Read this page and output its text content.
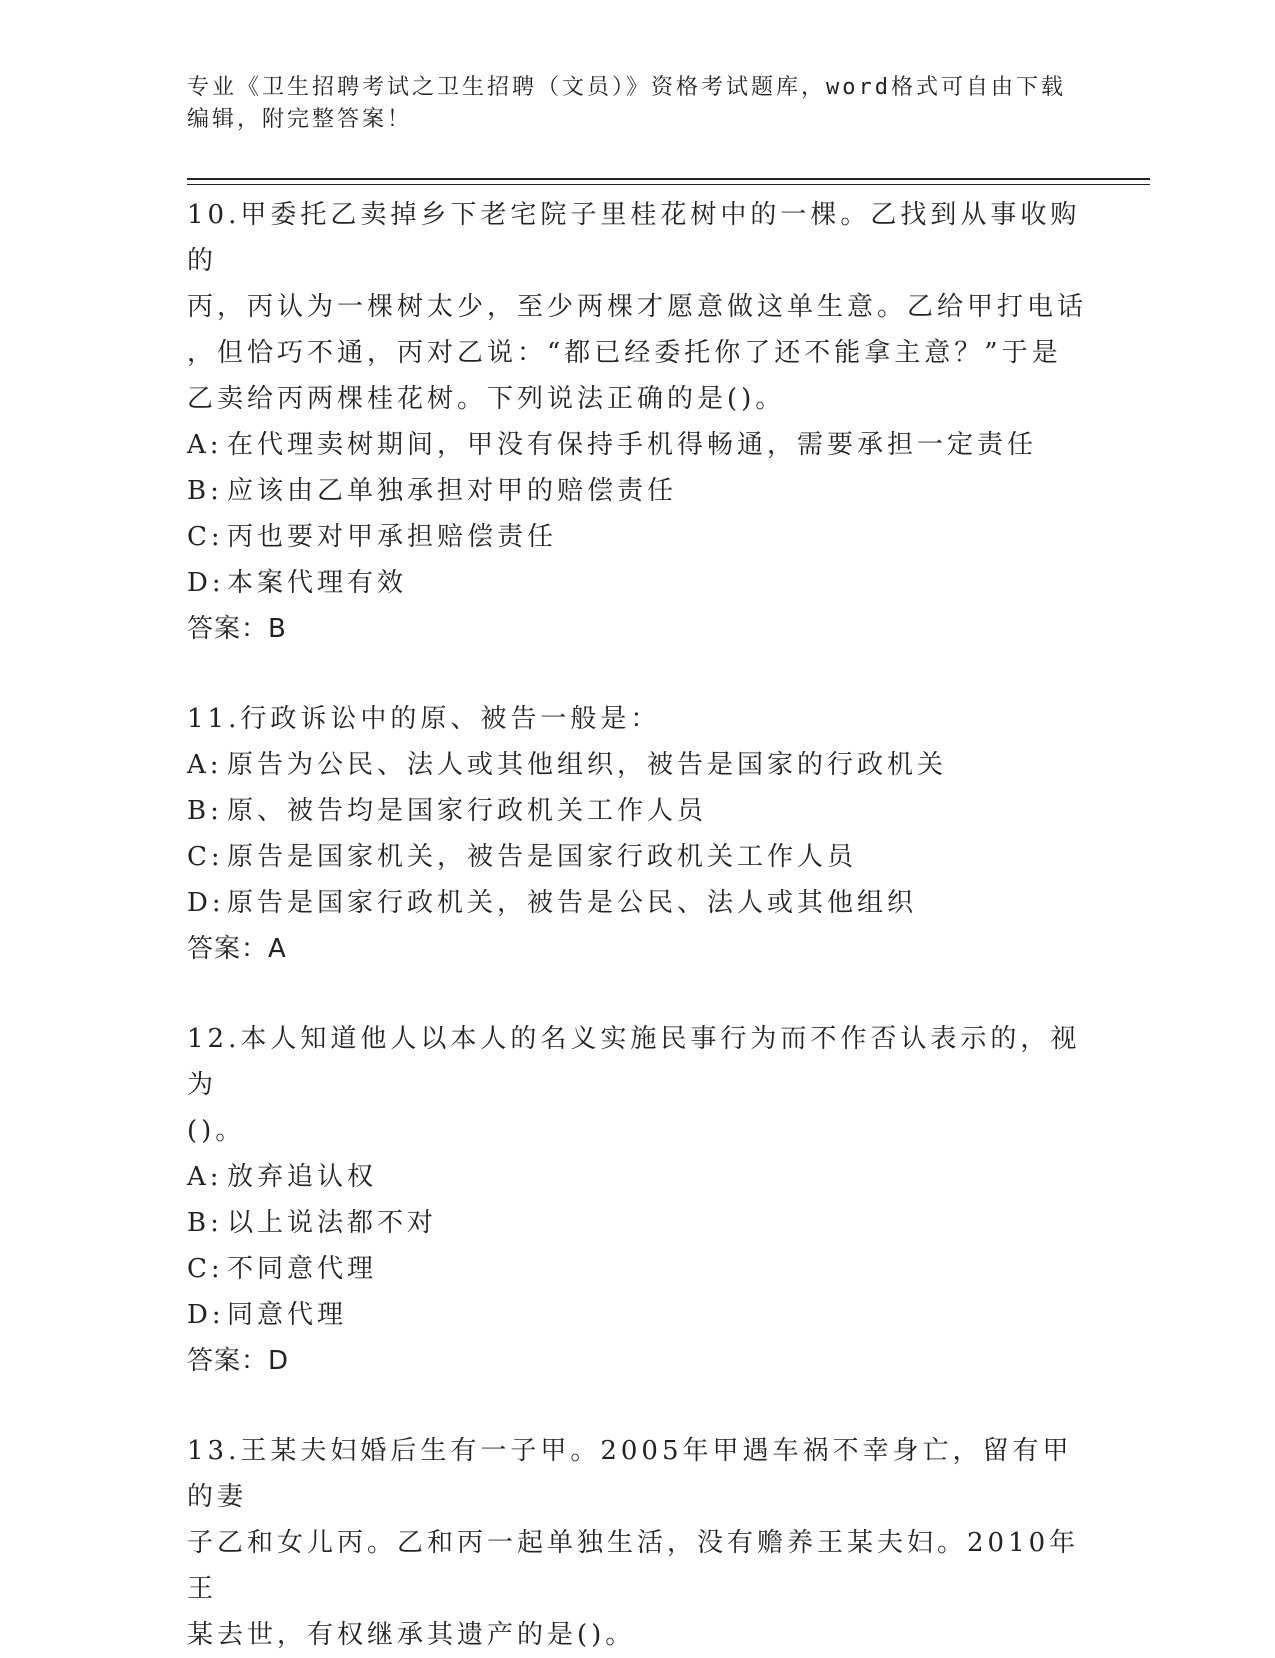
专业《卫生招聘考试之卫生招聘（文员）》资格考试题库，word格式可自由下载
编辑，附完整答案！

10.甲委托乙卖掉乡下老宅院子里桂花树中的一棵。乙找到从事收购的

丙，丙认为一棵树太少，至少两棵才愿意做这单生意。乙给甲打电话

，但恰巧不通，丙对乙说：“都已经委托你了还不能拿主意？”于是

乙卖给丙两棵桂花树。下列说法正确的是()。

A: 在代理卖树期间，甲没有保持手机得畅通，需要承担一定责任

B: 应该由乙单独承担对甲的赔偿责任

C: 丙也要对甲承担赔偿责任

D:本案代理有效

答案：B

11.行政诉讼中的原、被告一般是：

A: 原告为公民、法人或其他组织，被告是国家的行政机关

B: 原、被告均是国家行政机关工作人员

C: 原告是国家机关，被告是国家行政机关工作人员

D:原告是国家行政机关，被告是公民、法人或其他组织

答案：A

12.本人知道他人以本人的名义实施民事行为而不作否认表示的，视为

()。

A: 放弃追认权

B: 以上说法都不对

C: 不同意代理

D:同意代理

答案：D

13.王某夫妇婚后生有一子甲。2005年甲遇车祸不幸身亡，留有甲的妻

子乙和女儿丙。乙和丙一起单独生活，没有赡养王某夫妇。2010年王

某去世，有权继承其遗产的是()。
